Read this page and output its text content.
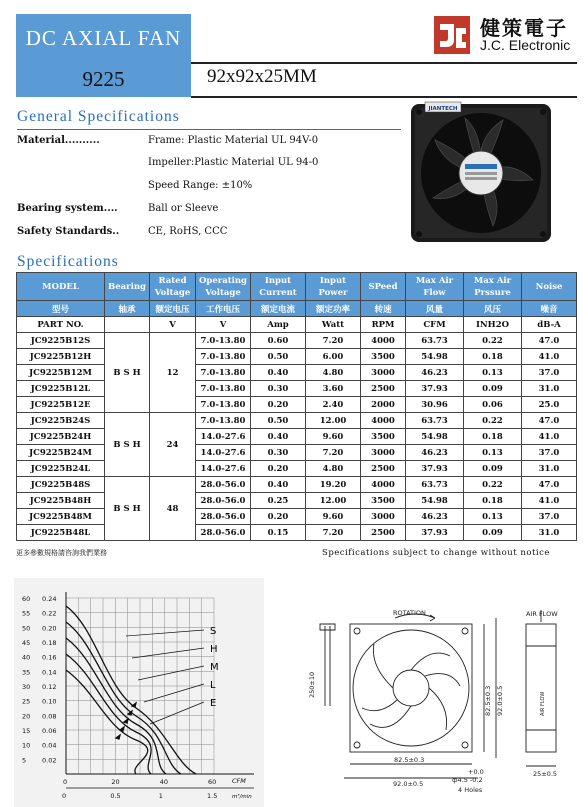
DC AXIAL FAN
9225	92x92x25MM
健策電子
J.C. Electronic
General Specifications
Material..........	Frame: Plastic Material UL 94V-0
Impeller:Plastic Material UL 94-0
Speed Range: ±10%
Bearing system....	Ball or Sleeve
Safety Standards..	CE, RoHS, CCC
JIANTECH
Specifications
MODEL	Bearing	Rated Voltage	Operating Voltage	Input Current	Input Power	SPeed	Max Air Flow	Max Air Prssure	Noise
型号	轴承	额定电压	工作电压	额定电流	额定功率	转速	风量	风压	噪音
PART NO.		V	V	Amp	Watt	RPM	CFM	INH2O	dB-A
JC9225B12S	B S H	12	7.0-13.80	0.60	7.20	4000	63.73	0.22	47.0
JC9225B12H			7.0-13.80	0.50	6.00	3500	54.98	0.18	41.0
JC9225B12M			7.0-13.80	0.40	4.80	3000	46.23	0.13	37.0
JC9225B12L			7.0-13.80	0.30	3.60	2500	37.93	0.09	31.0
JC9225B12E			7.0-13.80	0.20	2.40	2000	30.96	0.06	25.0
JC9225B24S	B S H	24	7.0-13.80	0.50	12.00	4000	63.73	0.22	47.0
JC9225B24H			14.0-27.6	0.40	9.60	3500	54.98	0.18	41.0
JC9225B24M			14.0-27.6	0.30	7.20	3000	46.23	0.13	37.0
JC9225B24L			14.0-27.6	0.20	4.80	2500	37.93	0.09	31.0
JC9225B48S	B S H	48	28.0-56.0	0.40	19.20	4000	63.73	0.22	47.0
JC9225B48H			28.0-56.0	0.25	12.00	3500	54.98	0.18	41.0
JC9225B48M			28.0-56.0	0.20	9.60	3000	46.23	0.13	37.0
JC9225B48L			28.0-56.0	0.15	7.20	2500	37.93	0.09	31.0
更多參數規格請咨詢我們業務	Specifications subject to change without notice
S
H
M
L
E
60
55
50
45
40
35
30
25
20
15
10
5
0.24
0.22
0.20
0.18
0.16
0.14
0.12
0.10
0.08
0.06
0.04
0.02
0	20	40	60 CFM
0	0.5	1	1.5	m³/min
ROTATION	AIR FLOW
82.5±0.3
92.0±0.5
25±0.5
+0.0
ф4.5 -0.2
4 Holes
250±10
82.5±0.3 92.0±0.5	AIR FLOW
